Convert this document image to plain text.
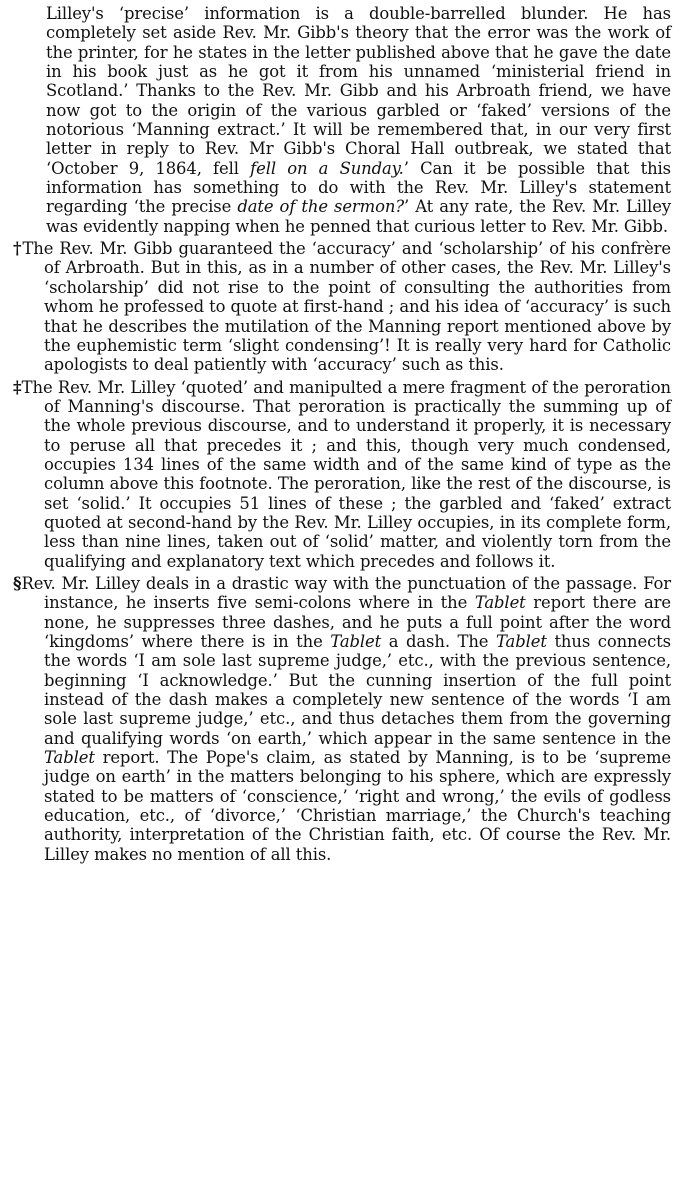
Lilley's ‘precise’ information is a double-barrelled blunder. He has completely set aside Rev. Mr. Gibb's theory that the error was the work of the printer, for he states in the letter published above that he gave the date in his book just as he got it from his unnamed ‘ministerial friend in Scotland.’ Thanks to the Rev. Mr. Gibb and his Arbroath friend, we have now got to the origin of the various garbled or ‘faked’ versions of the notorious ‘Manning extract.’ It will be remembered that, in our very first letter in reply to Rev. Mr Gibb's Choral Hall outbreak, we stated that ‘October 9, 1864, fell fell on a Sunday.’ Can it be possible that this information has something to do with the Rev. Mr. Lilley's statement regarding ‘the precise date of the sermon?’ At any rate, the Rev. Mr. Lilley was evidently napping when he penned that curious letter to Rev. Mr. Gibb.

†The Rev. Mr. Gibb guaranteed the ‘accuracy’ and ‘scholarship’ of his confrère of Arbroath. But in this, as in a number of other cases, the Rev. Mr. Lilley's ‘scholarship’ did not rise to the point of consulting the authorities from whom he professed to quote at first-hand ; and his idea of ‘accuracy’ is such that he describes the mutilation of the Manning report mentioned above by the euphemistic term ‘slight condensing’! It is really very hard for Catholic apologists to deal patiently with ‘accuracy’ such as this.

‡The Rev. Mr. Lilley ‘quoted’ and manipulted a mere fragment of the peroration of Manning's discourse. That peroration is practically the summing up of the whole previous discourse, and to understand it properly, it is necessary to peruse all that precedes it ; and this, though very much condensed, occupies 134 lines of the same width and of the same kind of type as the column above this footnote. The peroration, like the rest of the discourse, is set ‘solid.’ It occupies 51 lines of these ; the garbled and ‘faked’ extract quoted at second-hand by the Rev. Mr. Lilley occupies, in its complete form, less than nine lines, taken out of ‘solid’ matter, and violently torn from the qualifying and explanatory text which precedes and follows it.

§Rev. Mr. Lilley deals in a drastic way with the punctuation of the passage. For instance, he inserts five semi-colons where in the Tablet report there are none, he suppresses three dashes, and he puts a full point after the word ‘kingdoms’ where there is in the Tablet a dash. The Tablet thus connects the words ‘I am sole last supreme judge,’ etc., with the previous sentence, beginning ‘I acknowledge.’ But the cunning insertion of the full point instead of the dash makes a completely new sentence of the words ‘I am sole last supreme judge,’ etc., and thus detaches them from the governing and qualifying words ‘on earth,’ which appear in the same sentence in the Tablet report. The Pope's claim, as stated by Manning, is to be ‘supreme judge on earth’ in the matters belonging to his sphere, which are expressly stated to be matters of ‘conscience,’ ‘right and wrong,’ the evils of godless education, etc., of ‘divorce,’ ‘Christian marriage,’ the Church's teaching authority, interpretation of the Christian faith, etc. Of course the Rev. Mr. Lilley makes no mention of all this.
